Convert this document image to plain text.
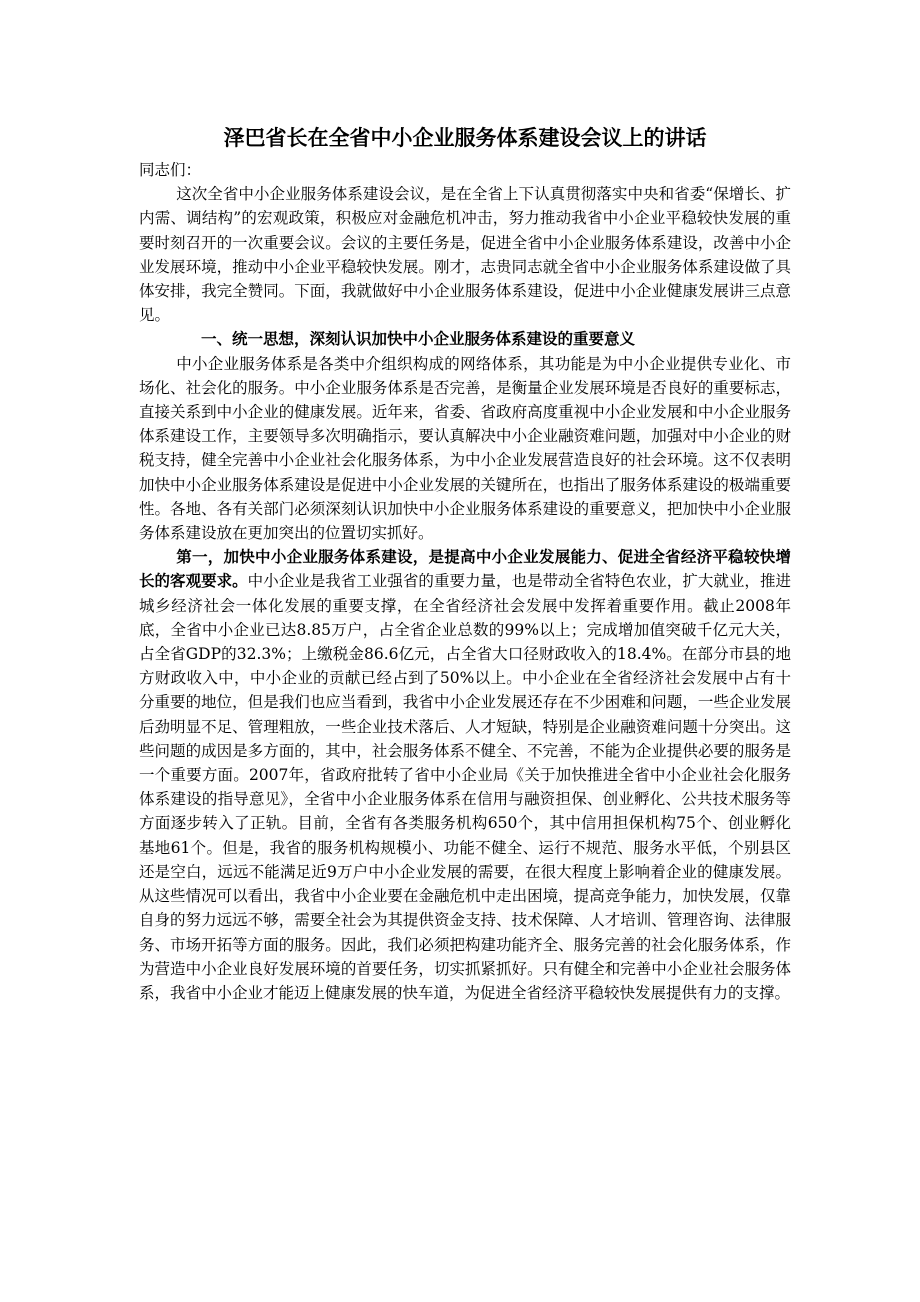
泽巴省长在全省中小企业服务体系建设会议上的讲话

同志们：

这次全省中小企业服务体系建设会议，是在全省上下认真贯彻落实中央和省委“保增长、扩内需、调结构”的宏观政策，积极应对金融危机冲击，努力推动我省中小企业平稳较快发展的重要时刻召开的一次重要会议。会议的主要任务是，促进全省中小企业服务体系建设，改善中小企业发展环境，推动中小企业平稳较快发展。刚才，志贵同志就全省中小企业服务体系建设做了具体安排，我完全赞同。下面，我就做好中小企业服务体系建设，促进中小企业健康发展讲三点意见。

一、统一思想，深刻认识加快中小企业服务体系建设的重要意义

中小企业服务体系是各类中介组织构成的网络体系，其功能是为中小企业提供专业化、市场化、社会化的服务。中小企业服务体系是否完善，是衡量企业发展环境是否良好的重要标志，直接关系到中小企业的健康发展。近年来，省委、省政府高度重视中小企业发展和中小企业服务体系建设工作，主要领导多次明确指示，要认真解决中小企业融资难问题，加强对中小企业的财税支持，健全完善中小企业社会化服务体系，为中小企业发展营造良好的社会环境。这不仅表明加快中小企业服务体系建设是促进中小企业发展的关键所在，也指出了服务体系建设的极端重要性。各地、各有关部门必须深刻认识加快中小企业服务体系建设的重要意义，把加快中小企业服务体系建设放在更加突出的位置切实抓好。

第一，加快中小企业服务体系建设，是提高中小企业发展能力、促进全省经济平稳较快增长的客观要求。中小企业是我省工业强省的重要力量，也是带动全省特色农业，扩大就业，推进城乡经济社会一体化发展的重要支撑，在全省经济社会发展中发挥着重要作用。截止2008年底，全省中小企业已达8.85万户，占全省企业总数的99%以上；完成增加值突破千亿元大关，占全省GDP的32.3%；上缴税金86.6亿元，占全省大口径财政收入的18.4%。在部分市县的地方财政收入中，中小企业的贡献已经占到了50%以上。中小企业在全省经济社会发展中占有十分重要的地位，但是我们也应当看到，我省中小企业发展还存在不少困难和问题，一些企业发展后劲明显不足、管理粗放，一些企业技术落后、人才短缺，特别是企业融资难问题十分突出。这些问题的成因是多方面的，其中，社会服务体系不健全、不完善，不能为企业提供必要的服务是一个重要方面。2007年，省政府批转了省中小企业局《关于加快推进全省中小企业社会化服务体系建设的指导意见》，全省中小企业服务体系在信用与融资担保、创业孵化、公共技术服务等方面逐步转入了正轨。目前，全省有各类服务机构650个，其中信用担保机构75个、创业孵化基地61个。但是，我省的服务机构规模小、功能不健全、运行不规范、服务水平低，个别县区还是空白，远远不能满足近9万户中小企业发展的需要，在很大程度上影响着企业的健康发展。从这些情况可以看出，我省中小企业要在金融危机中走出困境，提高竞争能力，加快发展，仅靠自身的努力远远不够，需要全社会为其提供资金支持、技术保障、人才培训、管理咨询、法律服务、市场开拓等方面的服务。因此，我们必须把构建功能齐全、服务完善的社会化服务体系，作为营造中小企业良好发展环境的首要任务，切实抓紧抓好。只有健全和完善中小企业社会服务体系，我省中小企业才能迈上健康发展的快车道，为促进全省经济平稳较快发展提供有力的支撑。
